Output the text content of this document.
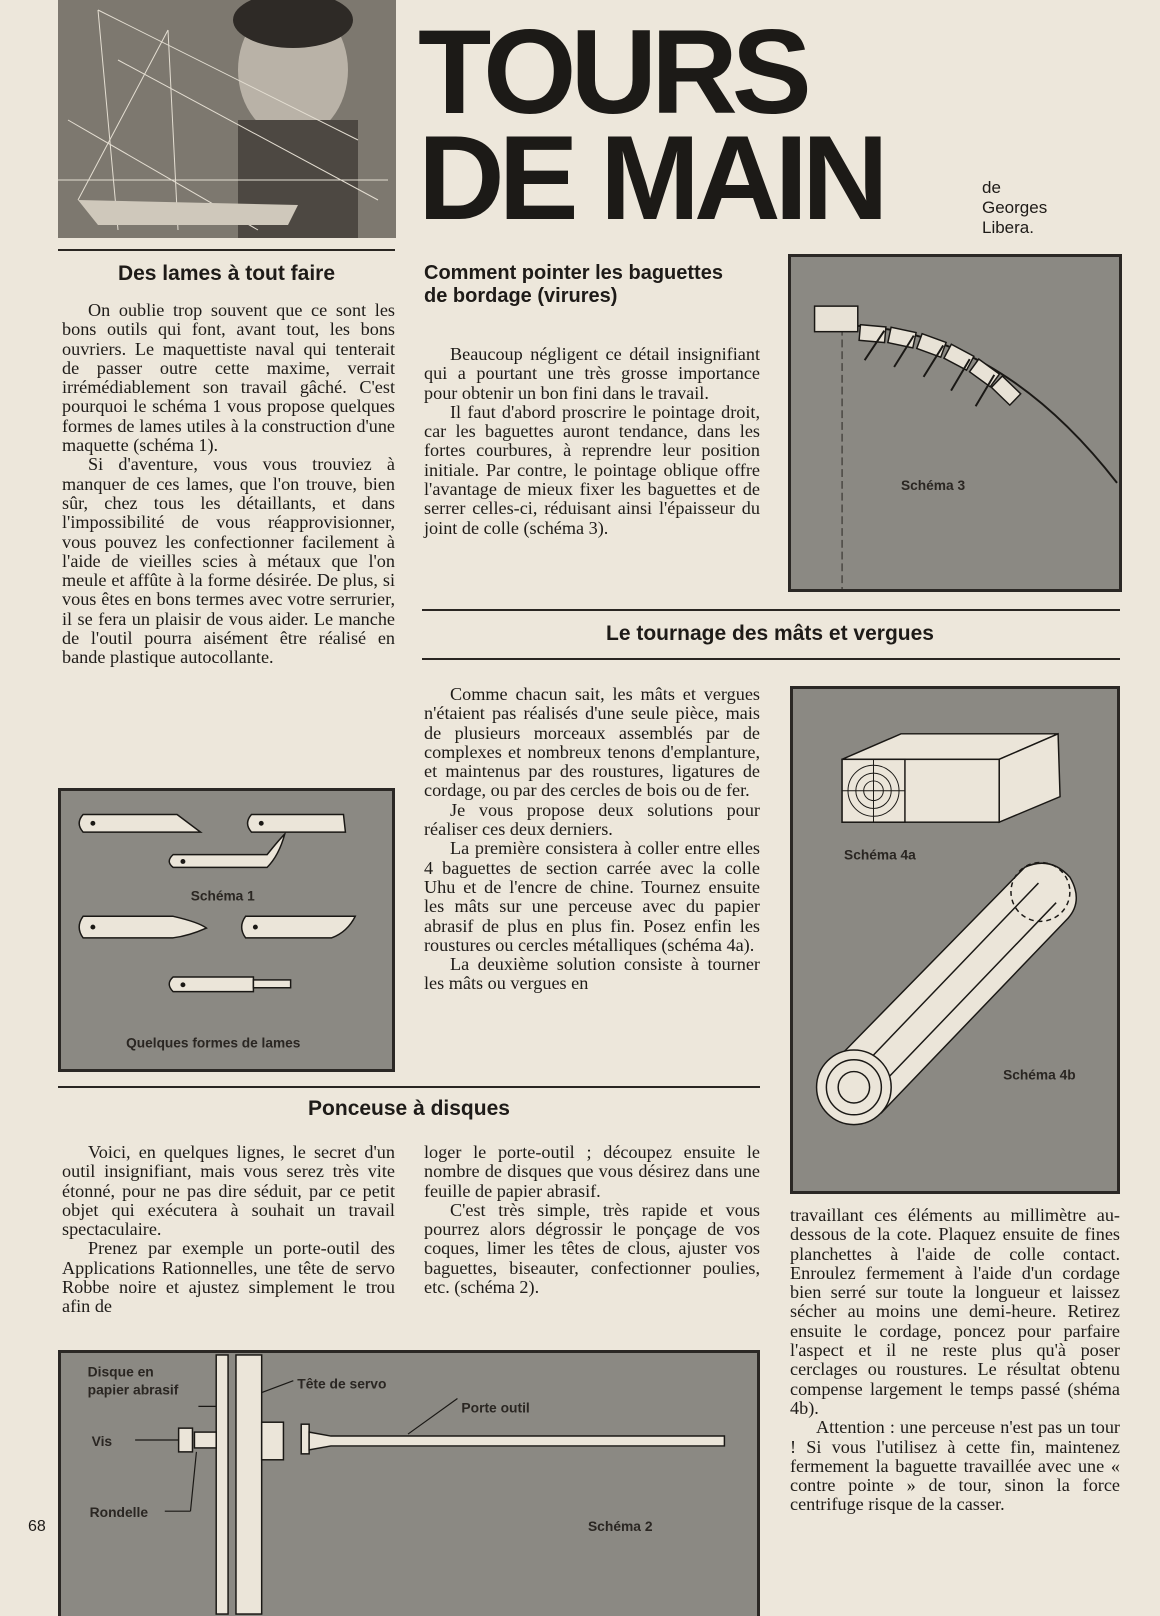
TOURS
DE MAIN	de
Georges
Libera.
Des lames à tout faire

On oublie trop souvent que ce sont les bons outils qui font, avant tout, les bons ouvriers. Le maquettiste naval qui tenterait de passer outre cette maxime, verrait irrémédiablement son travail gâché. C'est pourquoi le schéma 1 vous propose quelques formes de lames utiles à la construction d'une maquette (schéma 1).

Si d'aventure, vous vous trouviez à manquer de ces lames, que l'on trouve, bien sûr, chez tous les détaillants, et dans l'impossibilité de vous réapprovisionner, vous pouvez les confectionner facilement à l'aide de vieilles scies à métaux que l'on meule et affûte à la forme désirée. De plus, si vous êtes en bons termes avec votre serrurier, il se fera un plaisir de vous aider. Le manche de l'outil pourra aisément être réalisé en bande plastique autocollante.

Comment pointer les baguettes
de bordage (virures)

Beaucoup négligent ce détail insignifiant qui a pourtant une très grosse importance pour obtenir un bon fini dans le travail.

Il faut d'abord proscrire le pointage droit, car les baguettes auront tendance, dans les fortes courbures, à reprendre leur position initiale. Par contre, le pointage oblique offre l'avantage de mieux fixer les baguettes et de serrer celles-ci, réduisant ainsi l'épaisseur du joint de colle (schéma 3).

Le tournage des mâts et vergues

Comme chacun sait, les mâts et vergues n'étaient pas réalisés d'une seule pièce, mais de plusieurs morceaux assemblés par de complexes et nombreux tenons d'emplanture, et maintenus par des roustures, ligatures de cordage, ou par des cercles de bois ou de fer.

Je vous propose deux solutions pour réaliser ces deux derniers.

La première consistera à coller entre elles 4 baguettes de section carrée avec la colle Uhu et de l'encre de chine. Tournez ensuite les mâts sur une perceuse avec du papier abrasif de plus en plus fin. Posez enfin les roustures ou cercles métalliques (schéma 4a).

La deuxième solution consiste à tourner les mâts ou vergues en

travaillant ces éléments au millimètre au-dessous de la cote. Plaquez ensuite de fines planchettes à l'aide de colle contact. Enroulez fermement à l'aide d'un cordage bien serré sur toute la longueur et laissez sécher au moins une demi-heure. Retirez ensuite le cordage, poncez pour parfaire l'aspect et il ne reste plus qu'à poser cerclages ou roustures. Le résultat obtenu compense largement le temps passé (shéma 4b).

Attention : une perceuse n'est pas un tour ! Si vous l'utilisez à cette fin, maintenez fermement la baguette travaillée avec une « contre pointe » de tour, sinon la force centrifuge risque de la casser.

Ponceuse à disques

Voici, en quelques lignes, le secret d'un outil insignifiant, mais vous serez très vite étonné, pour ne pas dire séduit, par ce petit objet qui exécutera à souhait un travail spectaculaire.

Prenez par exemple un porte-outil des Applications Rationnelles, une tête de servo Robbe noire et ajustez simplement le trou afin de

loger le porte-outil ; découpez ensuite le nombre de disques que vous désirez dans une feuille de papier abrasif.

C'est très simple, très rapide et vous pourrez alors dégrossir le ponçage de vos coques, limer les têtes de clous, ajuster vos baguettes, biseauter, confectionner poulies, etc. (schéma 2).

Schéma 3
Schéma 1
Quelques formes de lames
Schéma 4a
Schéma 4b
Disque en
papier abrasif	Tête de servo
Porte outil
Vis
Rondelle
Schéma 2
68
